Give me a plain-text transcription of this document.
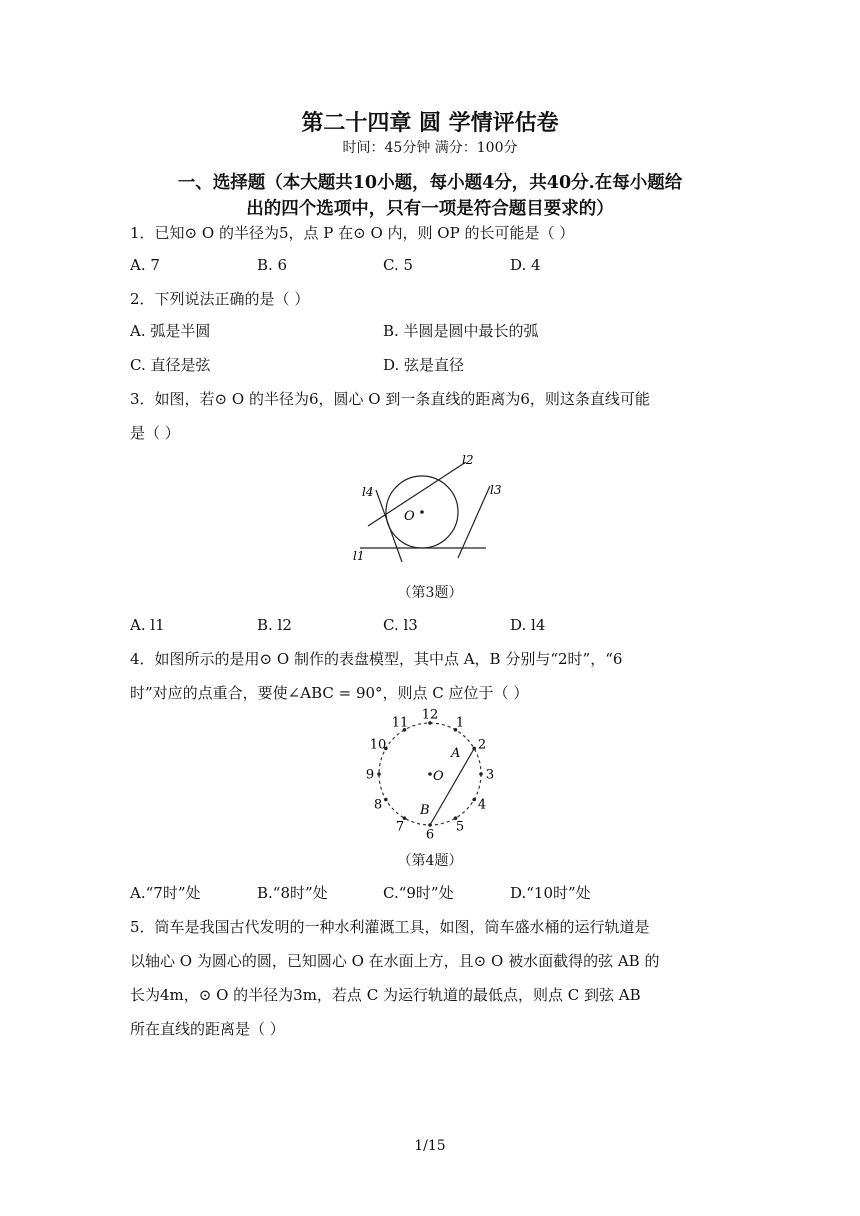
第二十四章 圆 学情评估卷
时间：45分钟 满分：100分
一、选择题（本大题共10小题，每小题4分，共40分.在每小题给
出的四个选项中，只有一项是符合题目要求的）
1．已知⊙ O 的半径为5，点 P 在⊙ O 内，则 OP 的长可能是（ ）
A. 7	B. 6	C. 5	D. 4
2．下列说法正确的是（ ）
A. 弧是半圆	B. 半圆是圆中最长的弧
C. 直径是弦	D. 弦是直径
3．如图，若⊙ O 的半径为6，圆心 O 到一条直线的距离为6，则这条直线可能
是（ ）
O
l1
l2
l3
l4
（第3题）
A. l1	B. l2	C. l3	D. l4
4．如图所示的是用⊙ O 制作的表盘模型，其中点 A，B 分别与“2时”，“6
时”对应的点重合，要使∠ABC = 90°，则点 C 应位于（ ）
12
1
2
3
4
5
6
7
8
9
10
11
O
A
B
（第4题）
A.“7时”处	B.“8时”处	C.“9时”处	D.“10时”处
5．筒车是我国古代发明的一种水利灌溉工具，如图，筒车盛水桶的运行轨道是
以轴心 O 为圆心的圆，已知圆心 O 在水面上方，且⊙ O 被水面截得的弦 AB 的
长为4m，⊙ O 的半径为3m，若点 C 为运行轨道的最低点，则点 C 到弦 AB
所在直线的距离是（ ）
1/15
